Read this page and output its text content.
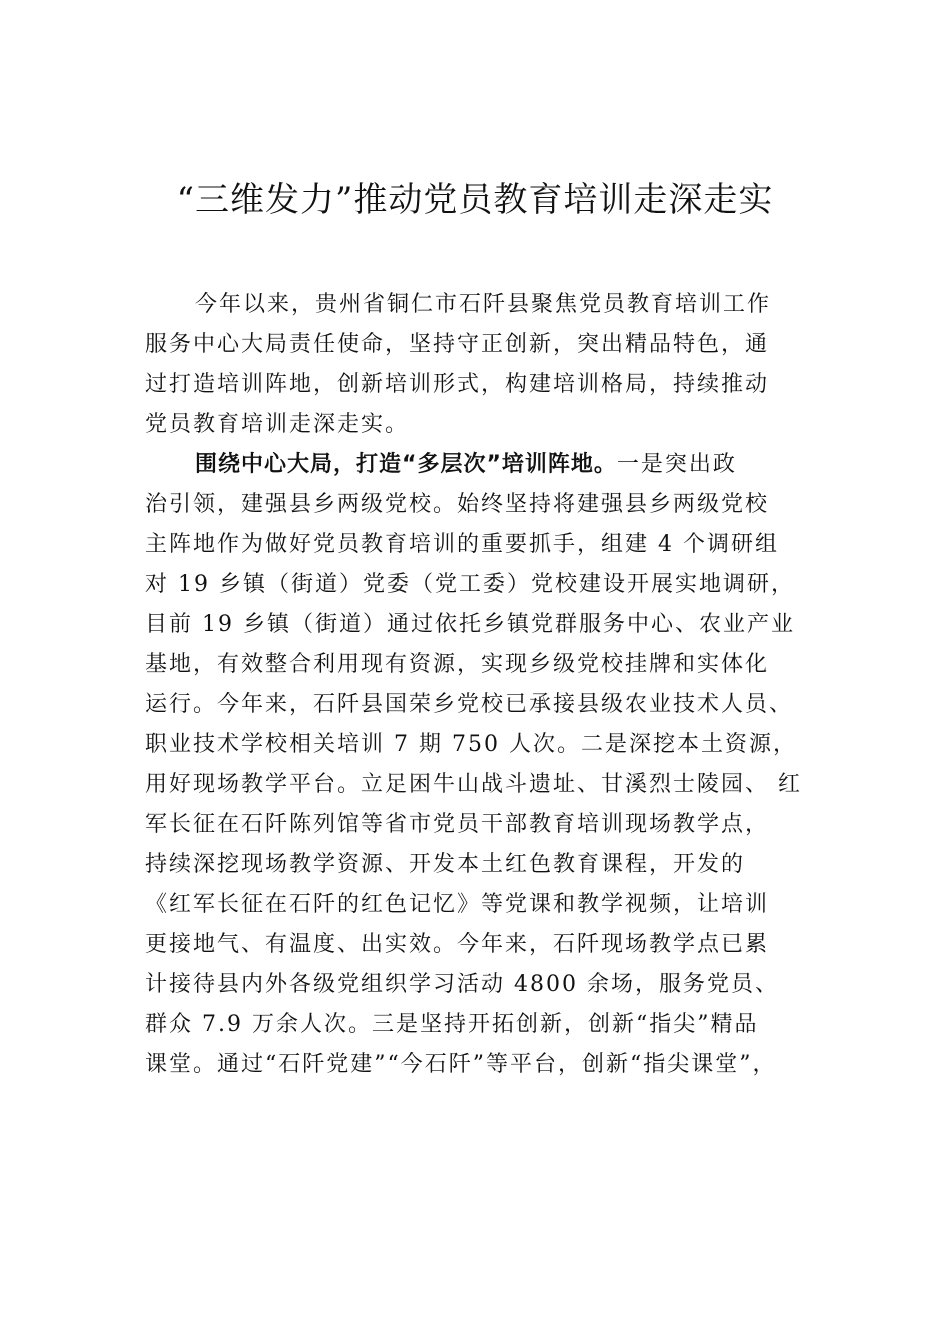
“三维发力”推动党员教育培训走深走实
今年以来，贵州省铜仁市石阡县聚焦党员教育培训工作
服务中心大局责任使命，坚持守正创新，突出精品特色，通
过打造培训阵地，创新培训形式，构建培训格局，持续推动
党员教育培训走深走实。
围绕中心大局，打造“多层次”培训阵地。一是突出政
治引领，建强县乡两级党校。始终坚持将建强县乡两级党校
主阵地作为做好党员教育培训的重要抓手，组建 4 个调研组
对 19 乡镇（街道）党委（党工委）党校建设开展实地调研，
目前 19 乡镇（街道）通过依托乡镇党群服务中心、农业产业
基地，有效整合利用现有资源，实现乡级党校挂牌和实体化
运行。今年来，石阡县国荣乡党校已承接县级农业技术人员、
职业技术学校相关培训 7 期 750 人次。二是深挖本土资源，
用好现场教学平台。立足困牛山战斗遗址、甘溪烈士陵园、 红
军长征在石阡陈列馆等省市党员干部教育培训现场教学点，
持续深挖现场教学资源、开发本土红色教育课程，开发的
《红军长征在石阡的红色记忆》等党课和教学视频，让培训
更接地气、有温度、出实效。今年来，石阡现场教学点已累
计接待县内外各级党组织学习活动 4800 余场，服务党员、
群众 7.9 万余人次。三是坚持开拓创新，创新“指尖”精品
课堂。通过“石阡党建”“今石阡”等平台，创新“指尖课堂”，
